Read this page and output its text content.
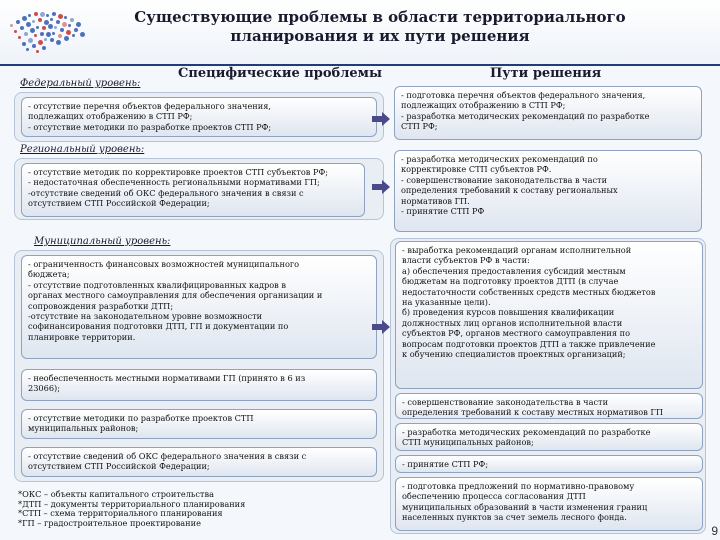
Существующие проблемы в области территориального
планирования и их пути решения
Специфические проблемы	Пути решения
Федеральный уровень:
- отсутствие перечня объектов федерального значения,
подлежащих отображению в СТП РФ;
- отсутствие методики по разработке проектов СТП РФ;
- подготовка перечня объектов федерального значения,
подлежащих отображению в СТП РФ;
- разработка методических рекомендаций по разработке
СТП РФ;
Региональный уровень:
- отсутствие методик по корректировке проектов СТП субъектов РФ;
- недостаточная обеспеченность региональными нормативами ГП;
-отсутствие сведений об ОКС федерального значения в связи с
отсутствием СТП Российской Федерации;
- разработка методических рекомендаций по
корректировке СТП субъектов РФ.
- совершенствование законодательства в части
определения требований к составу региональных
нормативов ГП.
- принятие СТП РФ
Муниципальный уровень:
- ограниченность финансовых возможностей муниципального
бюджета;
- отсутствие подготовленных квалифицированных кадров в
органах местного самоуправления для обеспечения организации и
сопровождения разработки ДТП;
-отсутствие на законодательном уровне возможности
софинансирования подготовки ДТП, ГП и документации по
планировке территории.
- необеспеченность местными нормативами ГП (принято в 6 из
23066);
- отсутствие методики по разработке проектов СТП
муниципальных районов;
- отсутствие сведений об ОКС федерального значения в связи с
отсутствием СТП Российской Федерации;
- выработка рекомендаций органам исполнительной
власти субъектов РФ в части:
а) обеспечения предоставления субсидий местным
бюджетам на подготовку проектов ДТП (в случае
недостаточности собственных средств местных бюджетов
на указанные цели).
б) проведения курсов повышения квалификации
должностных лиц органов исполнительной власти
субъектов РФ, органов местного самоуправления по
вопросам подготовки проектов ДТП а также привлечение
к обучению специалистов проектных организаций;
- совершенствование законодательства в части
определения требований к составу местных нормативов ГП
- разработка методических рекомендаций по разработке
СТП муниципальных районов;
- принятие СТП РФ;
- подготовка предложений по нормативно-правовому
обеспечению процесса согласования ДТП
муниципальных образований в части изменения границ
населенных пунктов за счет земель лесного фонда.
*ОКС – объекты капитального строительства
*ДТП – документы территориального планирования
*СТП – схема территориального планирования
*ГП – градостроительное проектирование
9
